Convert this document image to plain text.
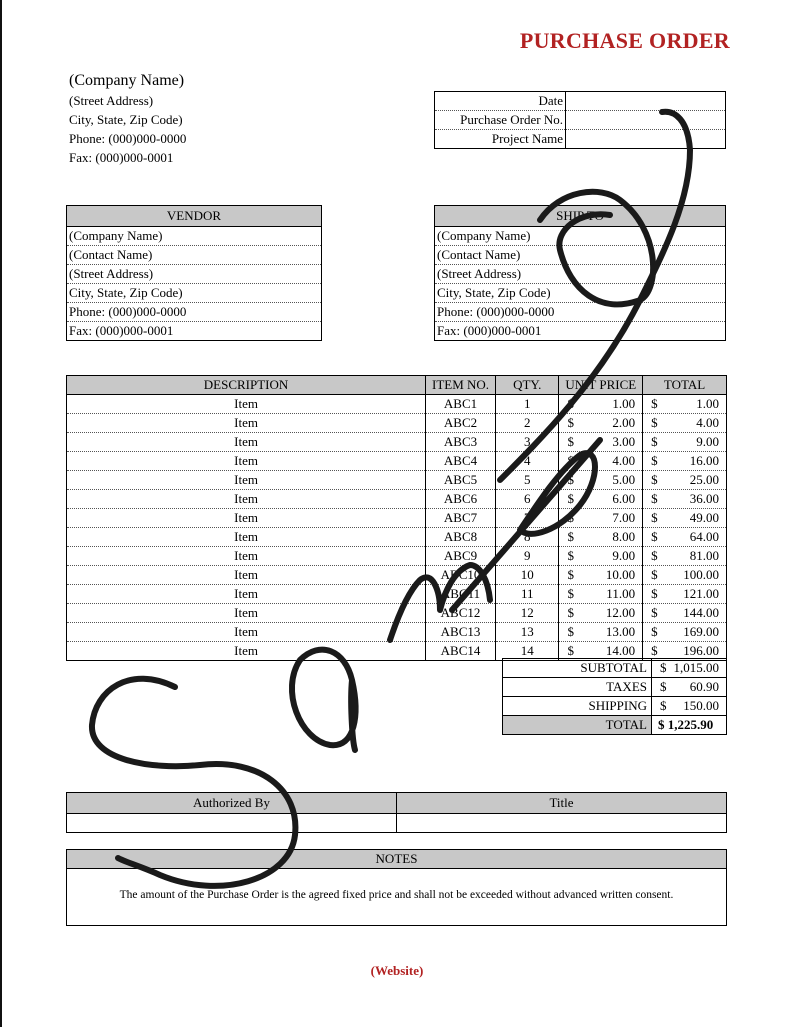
PURCHASE ORDER
(Company Name)
(Street Address)
City, State, Zip Code)
Phone: (000)000-0000
Fax: (000)000-0001
Date	
Purchase Order No.	
Project Name	
VENDOR
(Company Name)
(Contact Name)
(Street Address)
City, State, Zip Code)
Phone: (000)000-0000
Fax: (000)000-0001
SHIP TO
(Company Name)
(Contact Name)
(Street Address)
City, State, Zip Code)
Phone: (000)000-0000
Fax: (000)000-0001
DESCRIPTION	ITEM NO.	QTY.	UNIT PRICE	TOTAL
Item	ABC1	1	$ 1.00	$ 1.00

Item	ABC2	2	$ 2.00	$ 4.00

Item	ABC3	3	$ 3.00	$ 9.00

Item	ABC4	4	$ 4.00	$ 16.00

Item	ABC5	5	$ 5.00	$ 25.00

Item	ABC6	6	$ 6.00	$ 36.00

Item	ABC7	7	$ 7.00	$ 49.00

Item	ABC8	8	$ 8.00	$ 64.00

Item	ABC9	9	$ 9.00	$ 81.00

Item	ABC10	10	$ 10.00	$ 100.00

Item	ABC11	11	$ 11.00	$ 121.00

Item	ABC12	12	$ 12.00	$ 144.00

Item	ABC13	13	$ 13.00	$ 169.00

Item	ABC14	14	$ 14.00	$ 196.00
SUBTOTAL	$ 1,015.00

TAXES	$ 60.90

SHIPPING	$ 150.00

TOTAL	$ 1,225.90
Authorized By	Title

NOTES
The amount of the Purchase Order is the agreed fixed price and shall not be exceeded without advanced written consent.
(Website)
